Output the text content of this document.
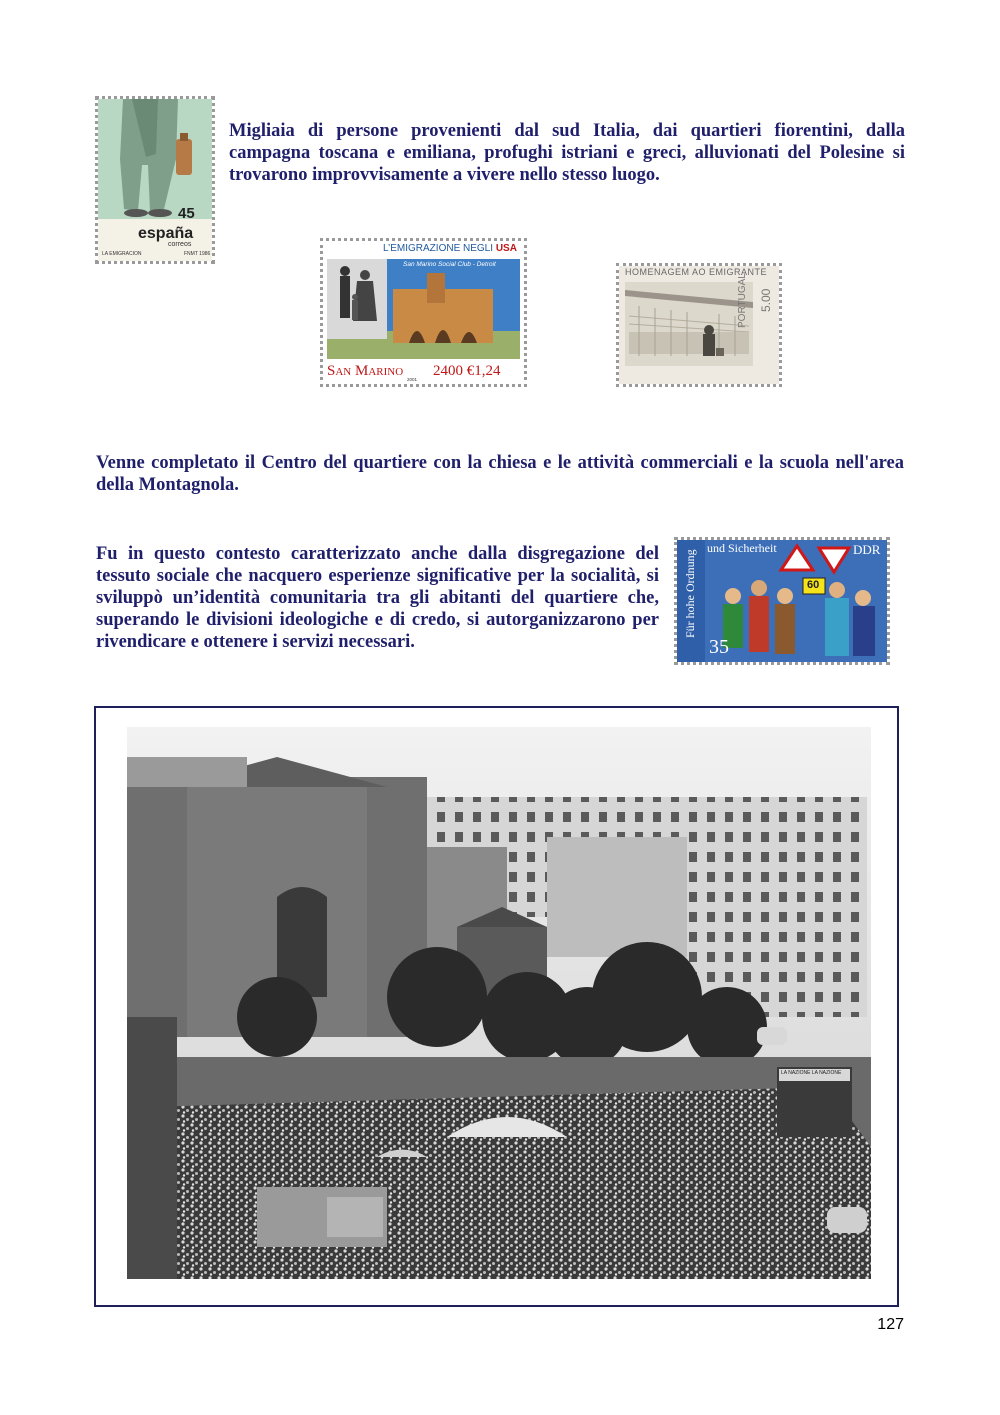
45
españa
correos
LA EMIGRACION	FNMT 1986

Migliaia di persone provenienti dal sud Italia, dai quartieri fiorentini, dalla campagna toscana e emiliana, profughi istriani e greci, alluvionati del Polesine si trovarono improvvisamente a vivere nello stesso luogo.

L’EMIGRAZIONE NEGLI USA
San Marino Social Club - Detroit
San Marino 2400 €1,24
2001
HOMENAGEM AO EMIGRANTE
PORTUGAL 5.00

Venne completato il Centro del quartiere con la chiesa e le attività commerciali e la scuola nell'area della Montagnola.

Fu in questo contesto caratterizzato anche dalla disgregazione del tessuto sociale che nacquero esperienze significative per la socialità, si sviluppò un’identità comunitaria tra gli abitanti del quartiere che, superando le divisioni ideologiche e di credo, si autorganizzarono per rivendicare e ottenere i servizi necessari.

Für hohe Ordnung
und Sicherheit	DDR
35
60
LA NAZIONE LA NAZIONE
127
